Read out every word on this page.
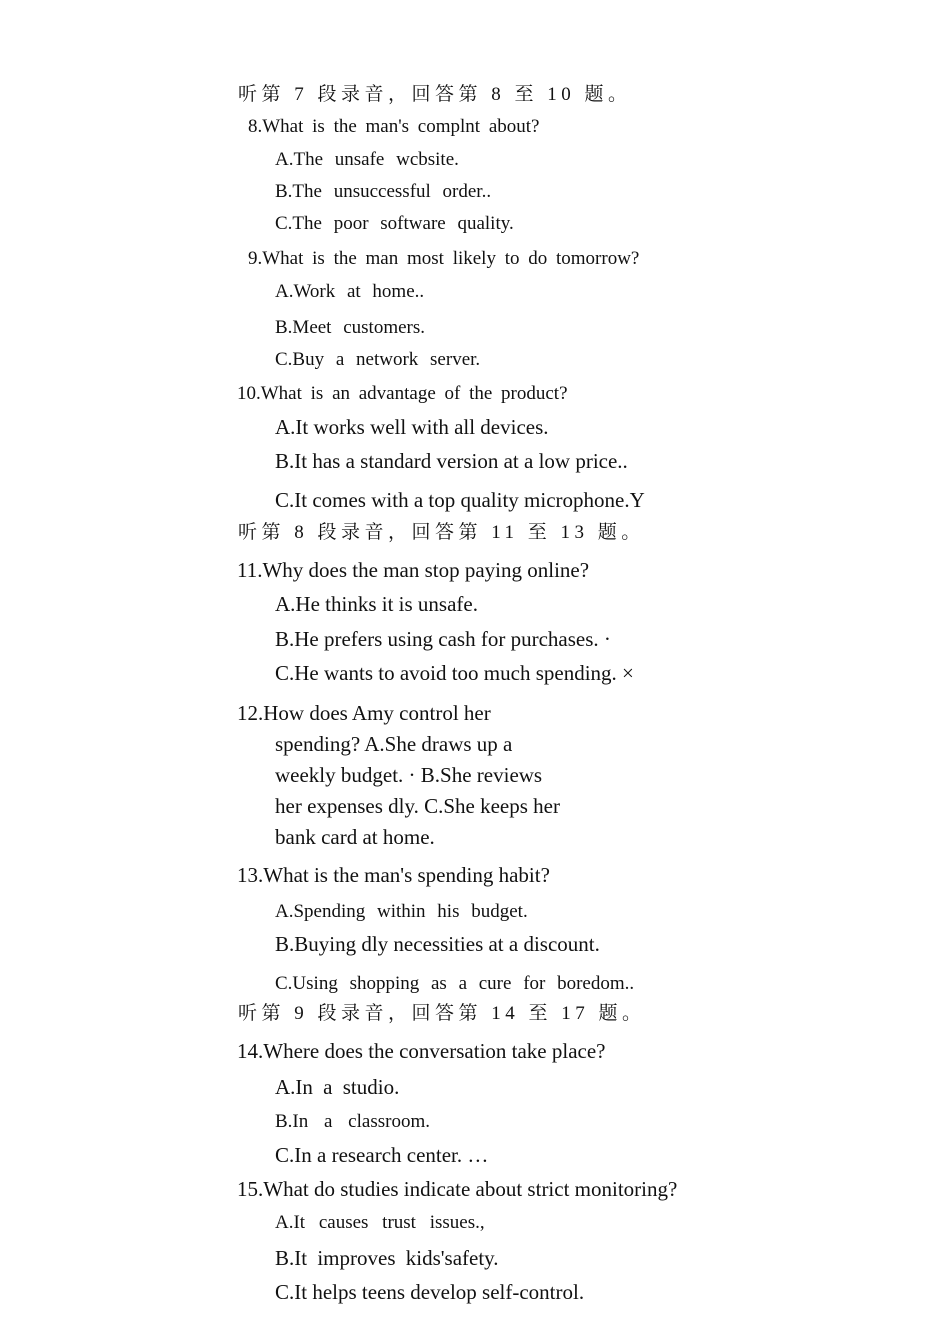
听第 7 段录音，回答第 8 至 10 题。
8.What is the man's complnt about?
A.The unsafe wcbsite.
B.The unsuccessful order..
C.The poor software quality.
9.What is the man most likely to do tomorrow?
A.Work at home..
B.Meet customers.
C.Buy a network server.
10.What is an advantage of the product?
A.It works well with all devices.
B.It has a standard version at a low price..
C.It comes with a top quality microphone.Y
听第 8 段录音，回答第 11 至 13 题。
11.Why does the man stop paying online?
A.He thinks it is unsafe.
B.He prefers using cash for purchases. ·
C.He wants to avoid too much spending. ×
12.How does Amy control her
spending? A.She draws up a
weekly budget. · B.She reviews
her expenses dly. C.She keeps her
bank card at home.
13.What is the man's spending habit?
A.Spending within his budget.
B.Buying dly necessities at a discount.
C.Using shopping as a cure for boredom..
听第 9 段录音，回答第 14 至 17 题。
14.Where does the conversation take place?
A.In a studio.
B.In a classroom.
C.In a research center. …
15.What do studies indicate about strict monitoring?
A.It causes trust issues.,
B.It improves kids'safety.
C.It helps teens develop self-control.
